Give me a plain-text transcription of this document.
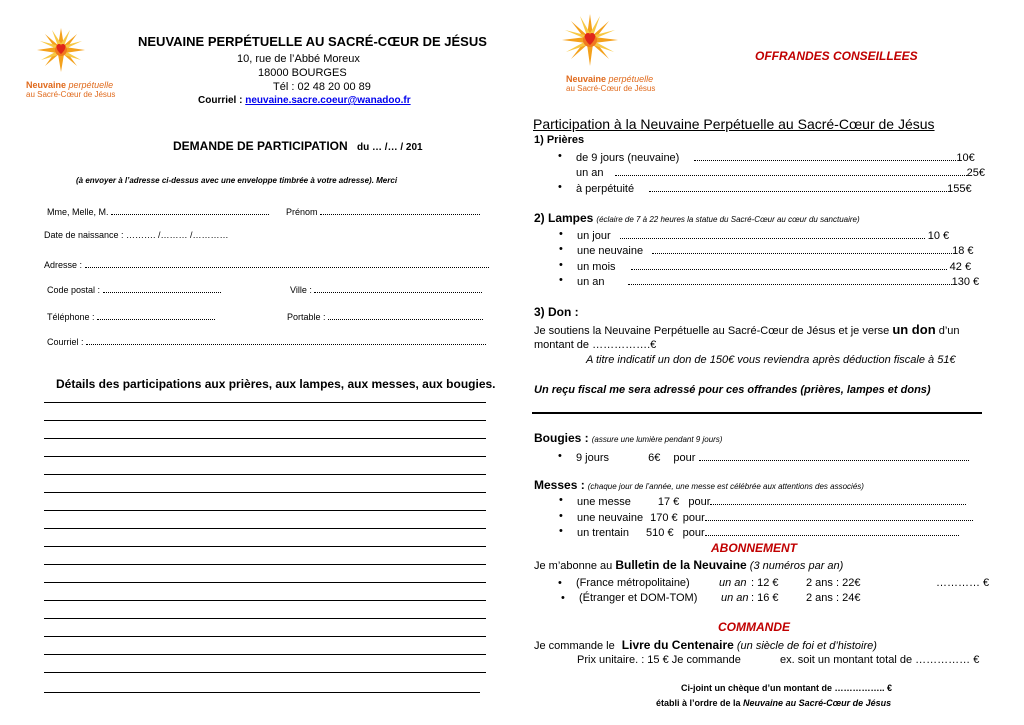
Neuvaine perpétuelle
au Sacré-Cœur de Jésus
NEUVAINE PERPÉTUELLE AU SACRÉ-CŒUR DE JÉSUS
10, rue de l’Abbé Moreux
18000 BOURGES
Tél : 02 48 20 00 89
Courriel : neuvaine.sacre.coeur@wanadoo.fr
DEMANDE DE PARTICIPATION du … /… / 201
(à envoyer à l’adresse ci-dessus avec une enveloppe timbrée à votre adresse). Merci
Mme, Melle, M.	Prénom
Date de naissance : ………. /……… /…………
Adresse :
Code postal :	Ville :
Téléphone :	Portable :
Courriel :
Détails des participations aux prières, aux lampes, aux messes, aux bougies.
Neuvaine perpétuelle
au Sacré-Cœur de Jésus
OFFRANDES CONSEILLEES
Participation à la Neuvaine Perpétuelle au Sacré-Cœur de Jésus
1) Prières
• de 9 jours (neuvaine)	10€
un an	25€
• à perpétuité	155€
2) Lampes (éclaire de 7 à 22 heures la statue du Sacré-Cœur au cœur du sanctuaire)
• un jour	10 €
• une neuvaine	18 €
• un mois	42 €
• un an	130 €
3) Don :
Je soutiens la Neuvaine Perpétuelle au Sacré-Cœur de Jésus et je verse un don d’un
montant de …………….€
A titre indicatif un don de 150€ vous reviendra après déduction fiscale à 51€
Un reçu fiscal me sera adressé pour ces offrandes (prières, lampes et dons)
Bougies : (assure une lumière pendant 9 jours)
• 9 jours	6€ pour
Messes : (chaque jour de l’année, une messe est célébrée aux attentions des associés)
• une messe 17 € pour
• une neuvaine 170 € pour
• un trentain 510 € pour
ABONNEMENT
Je m’abonne au Bulletin de la Neuvaine (3 numéros par an)
• (France métropolitaine)	un an : 12 € 2 ans : 22€	………… €
• (Étranger et DOM-TOM) un an : 16 € 2 ans : 24€
COMMANDE
Je commande le Livre du Centenaire (un siècle de foi et d’histoire)
Prix unitaire. : 15 € Je commande	ex. soit un montant total de …………… €
Ci-joint un chèque d’un montant de …………….. €
établi à l’ordre de la Neuvaine au Sacré-Cœur de Jésus
